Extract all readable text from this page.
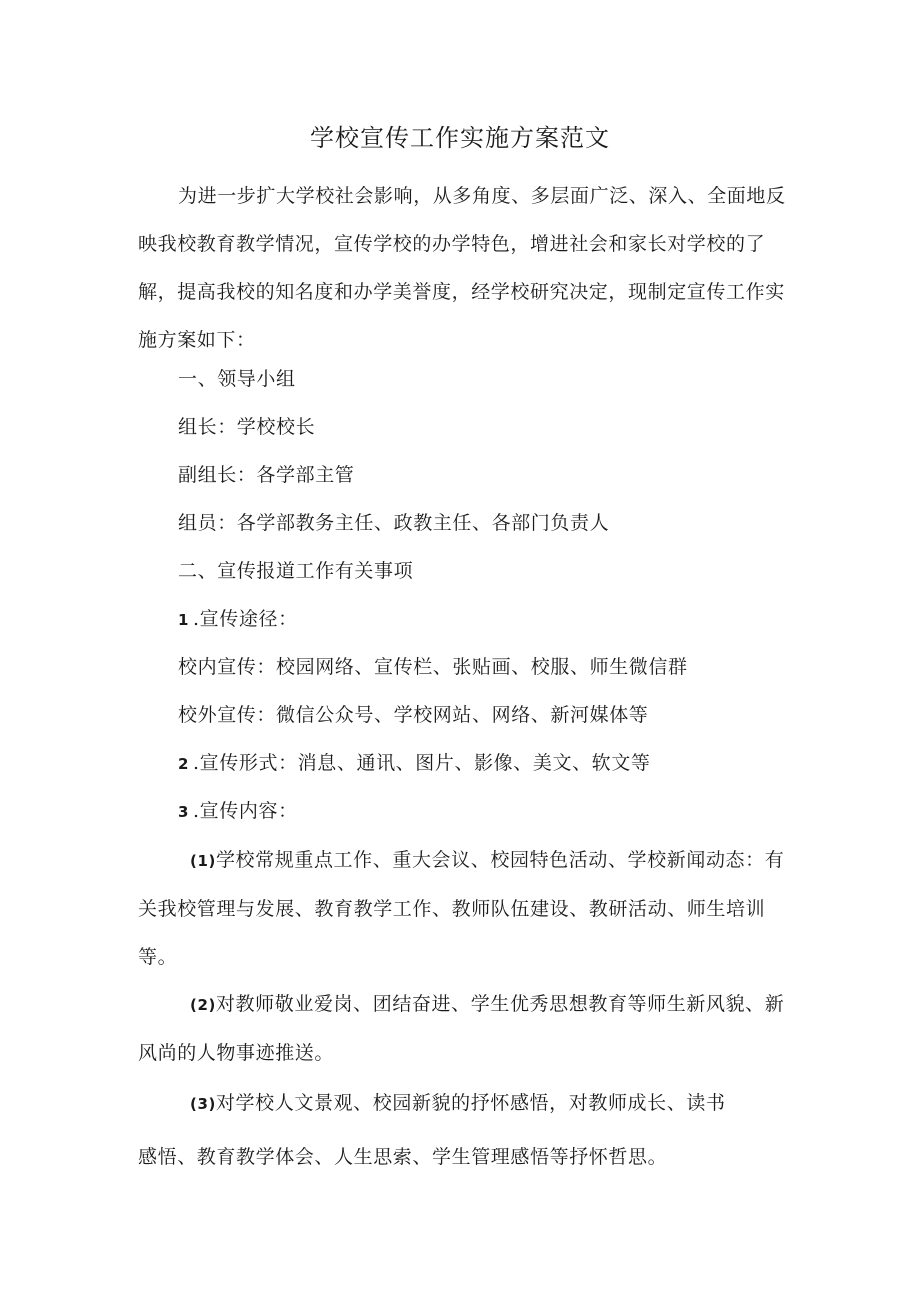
学校宣传工作实施方案范文

为进一步扩大学校社会影响，从多角度、多层面广泛、深入、全面地反映我校教育教学情况，宣传学校的办学特色，增进社会和家长对学校的了解，提高我校的知名度和办学美誉度，经学校研究决定，现制定宣传工作实施方案如下：

一、领导小组

组长：学校校长

副组长：各学部主管

组员：各学部教务主任、政教主任、各部门负责人

二、宣传报道工作有关事项

1 .宣传途径：

校内宣传：校园网络、宣传栏、张贴画、校服、师生微信群

校外宣传：微信公众号、学校网站、网络、新河媒体等

2 .宣传形式：消息、通讯、图片、影像、美文、软文等

3 .宣传内容：

(1)学校常规重点工作、重大会议、校园特色活动、学校新闻动态：有关我校管理与发展、教育教学工作、教师队伍建设、教研活动、师生培训等。

(2)对教师敬业爱岗、团结奋进、学生优秀思想教育等师生新风貌、新风尚的人物事迹推送。

(3)对学校人文景观、校园新貌的抒怀感悟，对教师成长、读书

感悟、教育教学体会、人生思索、学生管理感悟等抒怀哲思。
